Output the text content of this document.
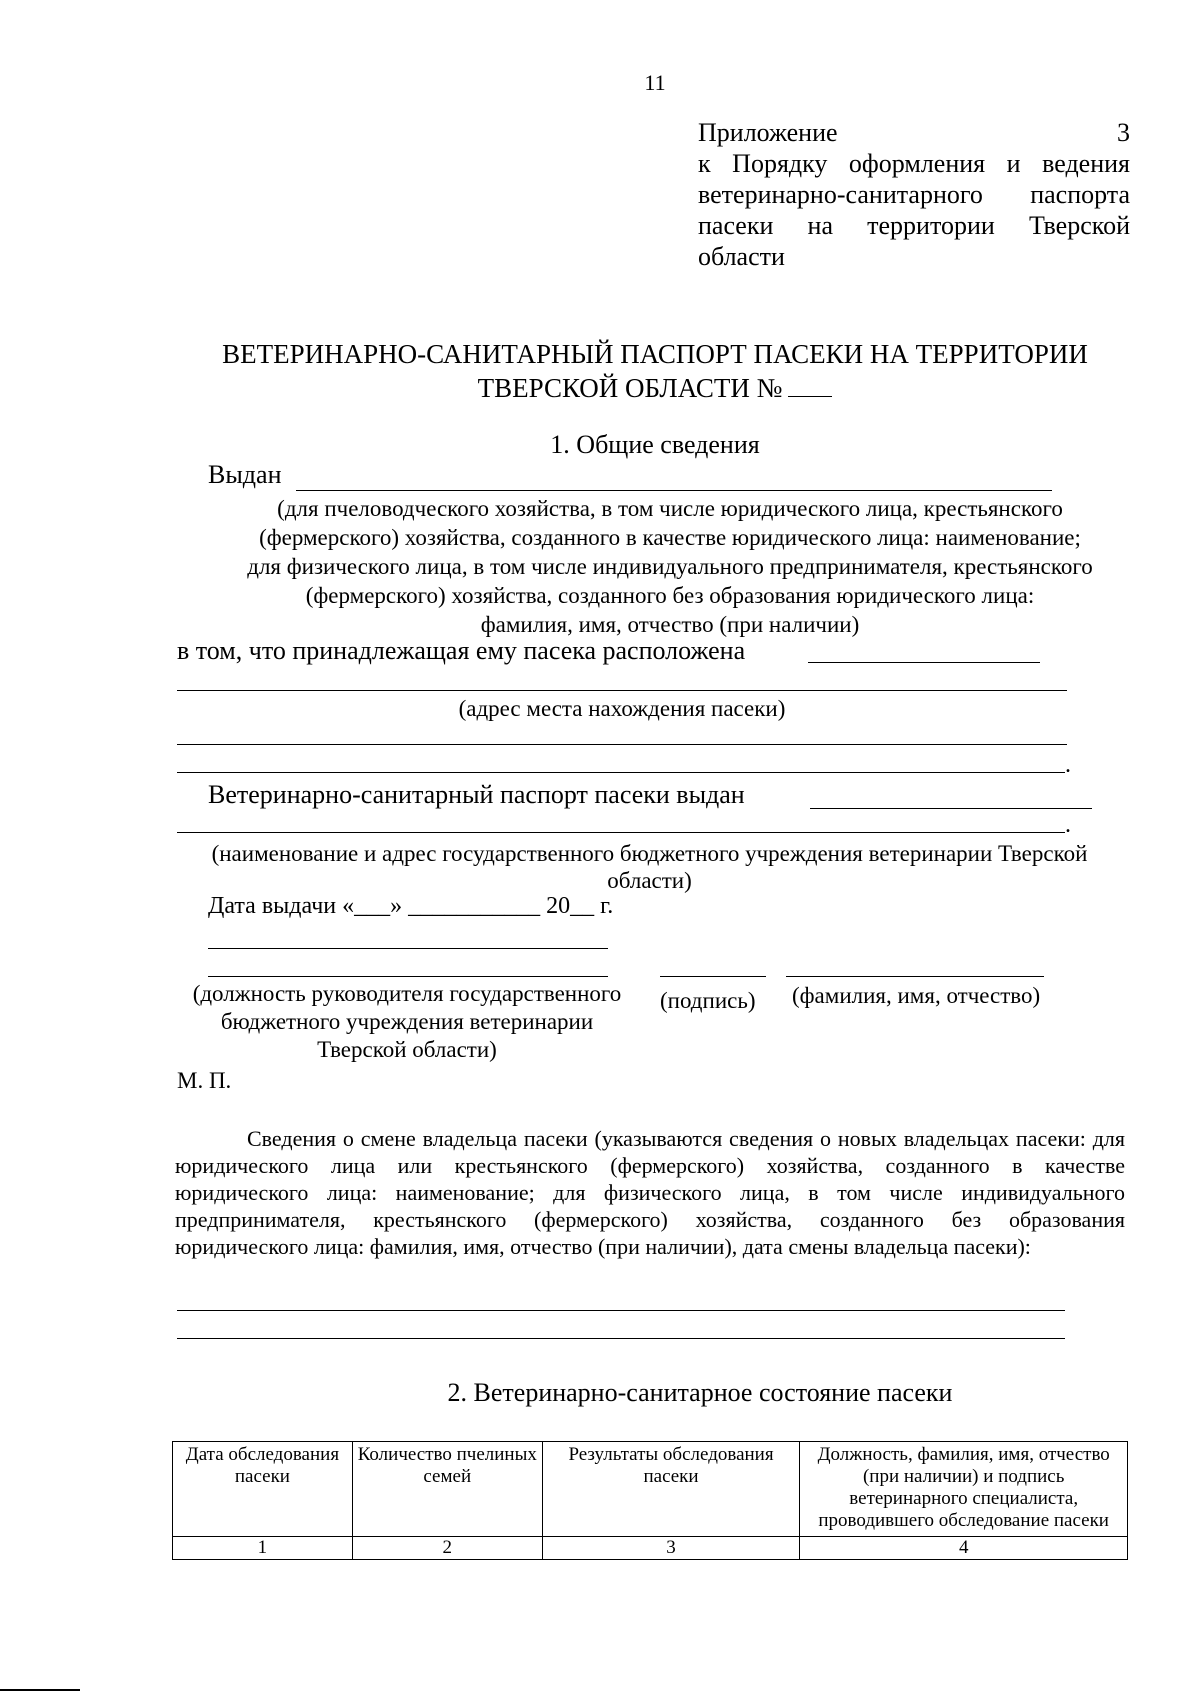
11
Приложение 3
к Порядку оформления и ведения
ветеринарно-санитарного паспорта
пасеки на территории Тверской
области
ВЕТЕРИНАРНО-САНИТАРНЫЙ ПАСПОРТ ПАСЕКИ НА ТЕРРИТОРИИ
ТВЕРСКОЙ ОБЛАСТИ №
1. Общие сведения
Выдан
(для пчеловодческого хозяйства, в том числе юридического лица, крестьянского
(фермерского) хозяйства, созданного в качестве юридического лица: наименование;
для физического лица, в том числе индивидуального предпринимателя, крестьянского
(фермерского) хозяйства, созданного без образования юридического лица:
фамилия, имя, отчество (при наличии)
в том, что принадлежащая ему пасека расположена
(адрес места нахождения пасеки)
.
Ветеринарно-санитарный паспорт пасеки выдан
.
(наименование и адрес государственного бюджетного учреждения ветеринарии Тверской
области)
Дата выдачи «___» ___________ 20__ г.
(должность руководителя государственного
бюджетного учреждения ветеринарии
Тверской области)
(подпись) (фамилия, имя, отчество)
М. П.
Сведения о смене владельца пасеки (указываются сведения о новых владельцах пасеки: для юридического лица или крестьянского (фермерского) хозяйства, созданного в качестве юридического лица: наименование; для физического лица, в том числе индивидуального предпринимателя, крестьянского (фермерского) хозяйства, созданного без образования юридического лица: фамилия, имя, отчество (при наличии), дата смены владельца пасеки):
2. Ветеринарно-санитарное состояние пасеки
Дата обследования пасеки	Количество пчелиных семей	Результаты обследования пасеки	Должность, фамилия, имя, отчество (при наличии) и подпись ветеринарного специалиста, проводившего обследование пасеки
1	2	3	4
